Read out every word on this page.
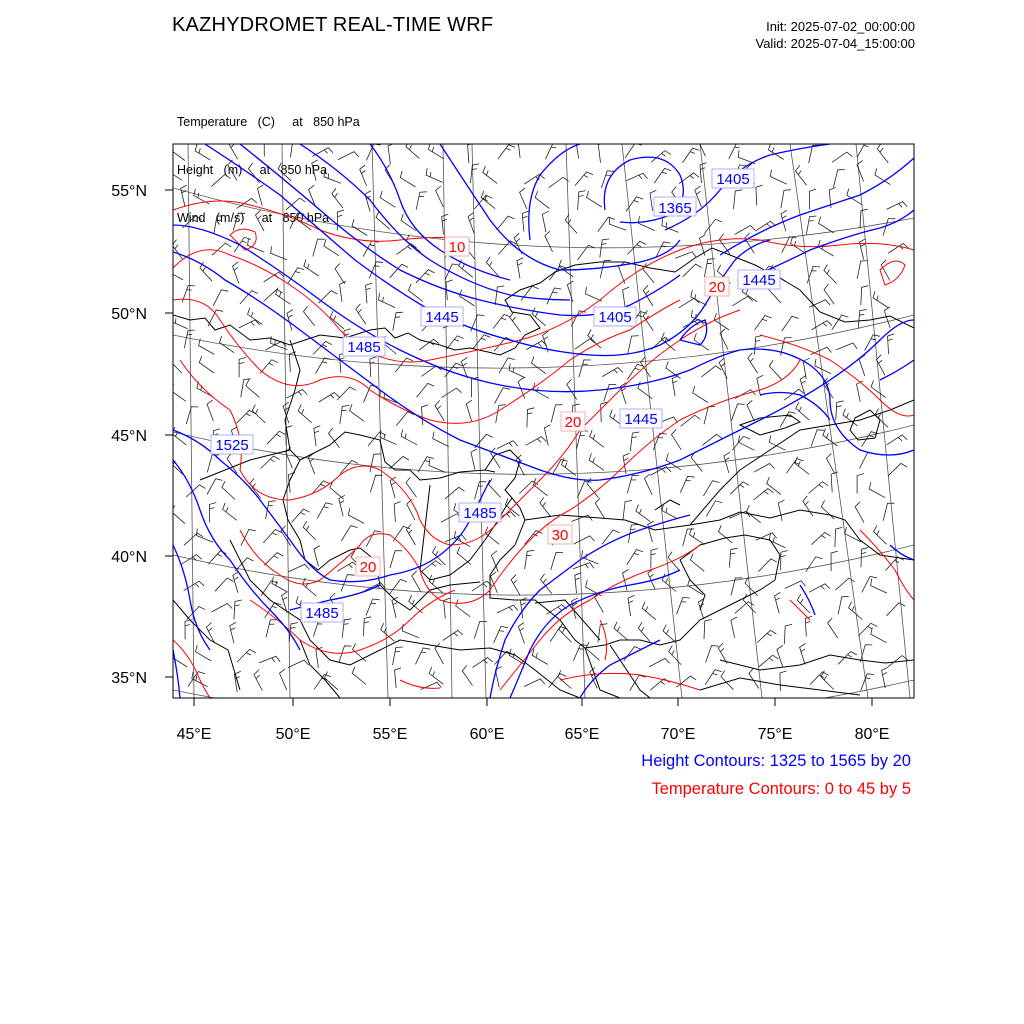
KAZHYDROMET REAL-TIME WRF	Init: 2025-07-02_00:00:00
Valid: 2025-07-04_15:00:00

Temperature   (C)     at   850 hPa

Height   (m)     at   850 hPa

Wind   (m/s)     at   850 hPa

55°N
50°N
45°N
40°N
35°N
45°E	50°E	55°E	60°E	65°E	70°E	75°E	80°E
1405
1365
1445
1445	1405
1485
1445
1525
1485
1485
10
20
20
30
20
Height Contours: 1325 to 1565 by 20
Temperature Contours: 0 to 45 by 5
